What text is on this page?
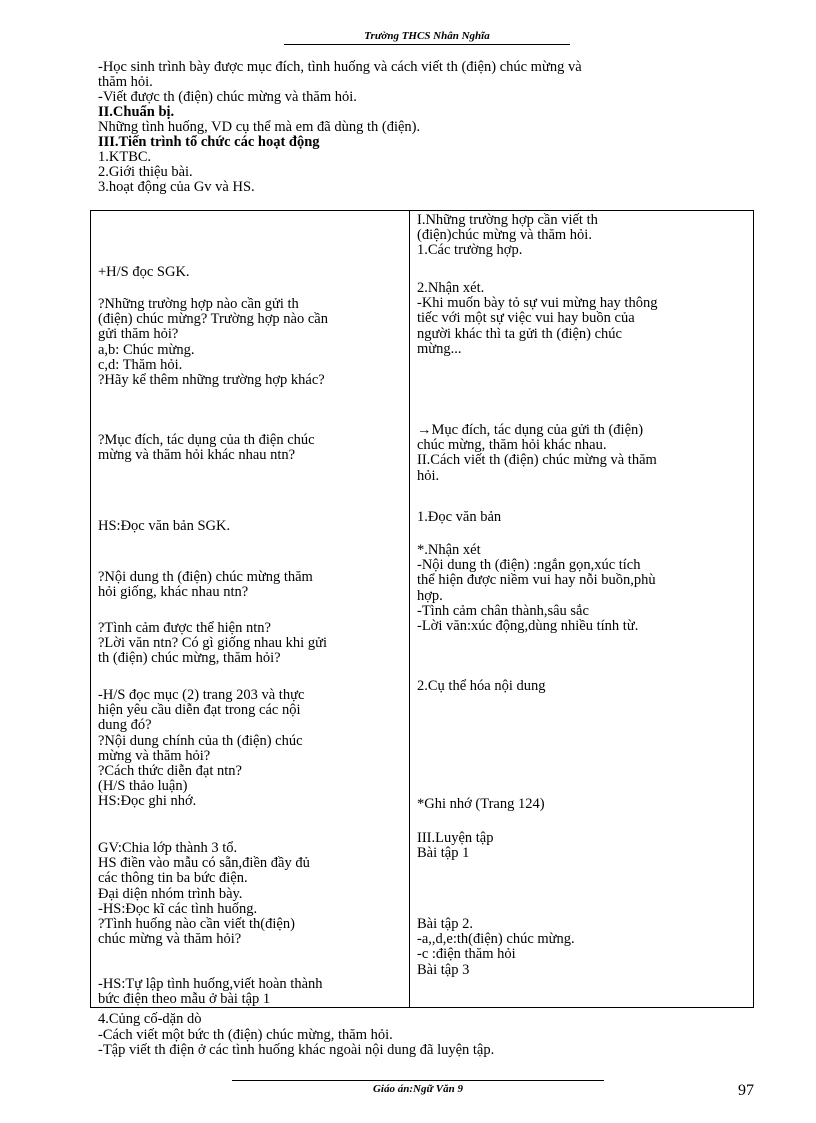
Trường THCS Nhân Nghĩa
-Học sinh trình bày được mục đích, tình huống và cách viết th (điện) chúc mừng và
thăm hỏi.
-Viết được th (điện) chúc mừng và thăm hỏi.
II.Chuẩn bị.
Những tình huống, VD cụ thể mà em đã dùng th (điện).
III.Tiến trình tổ chức các hoạt động
1.KTBC.
2.Giới thiệu bài.
3.hoạt động của Gv và HS.
+H/S đọc SGK.
?Những trường hợp nào cần gửi th
(điện) chúc mừng? Trường hợp nào cần
gửi thăm hỏi?
a,b: Chúc mừng.
c,d: Thăm hỏi.
?Hãy kể thêm những trường hợp khác?
?Mục đích, tác dụng của th điện chúc
mừng và thăm hỏi khác nhau ntn?
HS:Đọc văn bản SGK.
?Nội dung th (điện) chúc mừng thăm
hỏi giống, khác nhau ntn?
?Tình cảm được thể hiện ntn?
?Lời văn ntn? Có gì giống nhau khi gửi
th (điện) chúc mừng, thăm hỏi?
-H/S đọc mục (2) trang 203 và thực
hiện yêu cầu diễn đạt trong các nội
dung đó?
?Nội dung chính của th (điện) chúc
mừng và thăm hỏi?
?Cách thức diễn đạt ntn?
(H/S thảo luận)
HS:Đọc ghi nhớ.
GV:Chia lớp thành 3 tổ.
HS điền vào mẫu có sẵn,điền đầy đủ
các thông tin ba bức điện.
Đại diện nhóm trình bày.
-HS:Đọc kĩ các tình huống.
?Tình huống nào cần viết th(điện)
chúc mừng và thăm hỏi?
-HS:Tự lập tình huống,viết hoàn thành
bức điện theo mẫu ở bài tập 1
I.Những trường hợp cần viết th
(điện)chúc mừng và thăm hỏi.
1.Các trường hợp.
2.Nhận xét.
-Khi muốn bày tỏ sự vui mừng hay thông
tiếc với một sự việc vui hay buồn của
người khác thì ta gửi th (điện) chúc
mừng...
→Mục đích, tác dụng của gửi th (điện)
chúc mừng, thăm hỏi khác nhau.
II.Cách viết th (điện) chúc mừng và thăm
hỏi.
1.Đọc văn bản
*.Nhận xét
-Nội dung th (điện) :ngắn gọn,xúc tích
thể hiện được niềm vui hay nỗi buồn,phù
hợp.
-Tình cảm chân thành,sâu sắc
-Lời văn:xúc động,dùng nhiều tính từ.
2.Cụ thể hóa nội dung
*Ghi nhớ (Trang 124)
III.Luyện tập
Bài tập 1
Bài tập 2.
-a,,d,e:th(điện) chúc mừng.
-c :điện thăm hỏi
Bài tập 3
4.Củng cố-dặn dò
-Cách viết một bức th (điện) chúc mừng, thăm hỏi.
-Tập viết th điện ở các tình huống khác ngoài nội dung đã luyện tập.
Giáo án:Ngữ Văn 9	97
